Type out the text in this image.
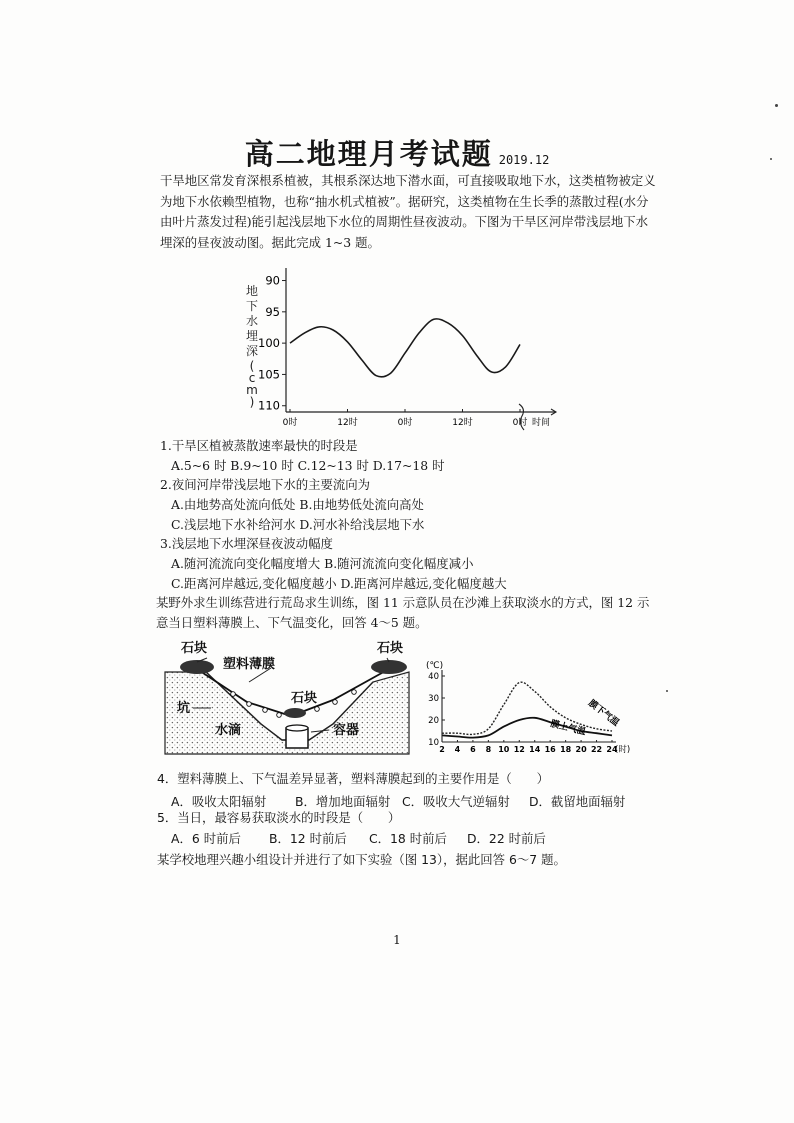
高二地理月考试题 2019.12

干旱地区常发育深根系植被，其根系深达地下潜水面，可直接吸取地下水，这类植物被定义

为地下水依赖型植物，也称“抽水机式植被”。据研究，这类植物在生长季的蒸散过程(水分

由叶片蒸发过程)能引起浅层地下水位的周期性昼夜波动。下图为干旱区河岸带浅层地下水

埋深的昼夜波动图。据此完成 1~3 题。

地
下
水
埋
深
(
c
m
)
90
95
100
105
110
0时	12时	0时	12时	0时 时间
1.干旱区植被蒸散速率最快的时段是
A.5~6 时 B.9~10 时 C.12~13 时 D.17~18 时
2.夜间河岸带浅层地下水的主要流向为
A.由地势高处流向低处 B.由地势低处流向高处
C.浅层地下水补给河水 D.河水补给浅层地下水
3.浅层地下水埋深昼夜波动幅度
A.随河流流向变化幅度增大 B.随河流流向变化幅度减小
C.距离河岸越远,变化幅度越小 D.距离河岸越远,变化幅度越大

某野外求生训练营进行荒岛求生训练，图 11 示意队员在沙滩上获取淡水的方式，图 12 示

意当日塑料薄膜上、下气温变化，回答 4～5 题。

石块	石块
塑料薄膜
石块
坑
水滴	容器
(℃)
10
20
30
40
2 4 6 8 10 12 14 16 18 20 22 24
(时)
膜下气温
膜上气温
4．塑料薄膜上、下气温差异显著，塑料薄膜起到的主要作用是（　　）
A．吸收太阳辐射 B．增加地面辐射 C．吸收大气逆辐射 D．截留地面辐射
5．当日，最容易获取淡水的时段是（　　）
A．6 时前后 B．12 时前后 C．18 时前后 D．22 时前后
某学校地理兴趣小组设计并进行了如下实验（图 13），据此回答 6～7 题。
1
